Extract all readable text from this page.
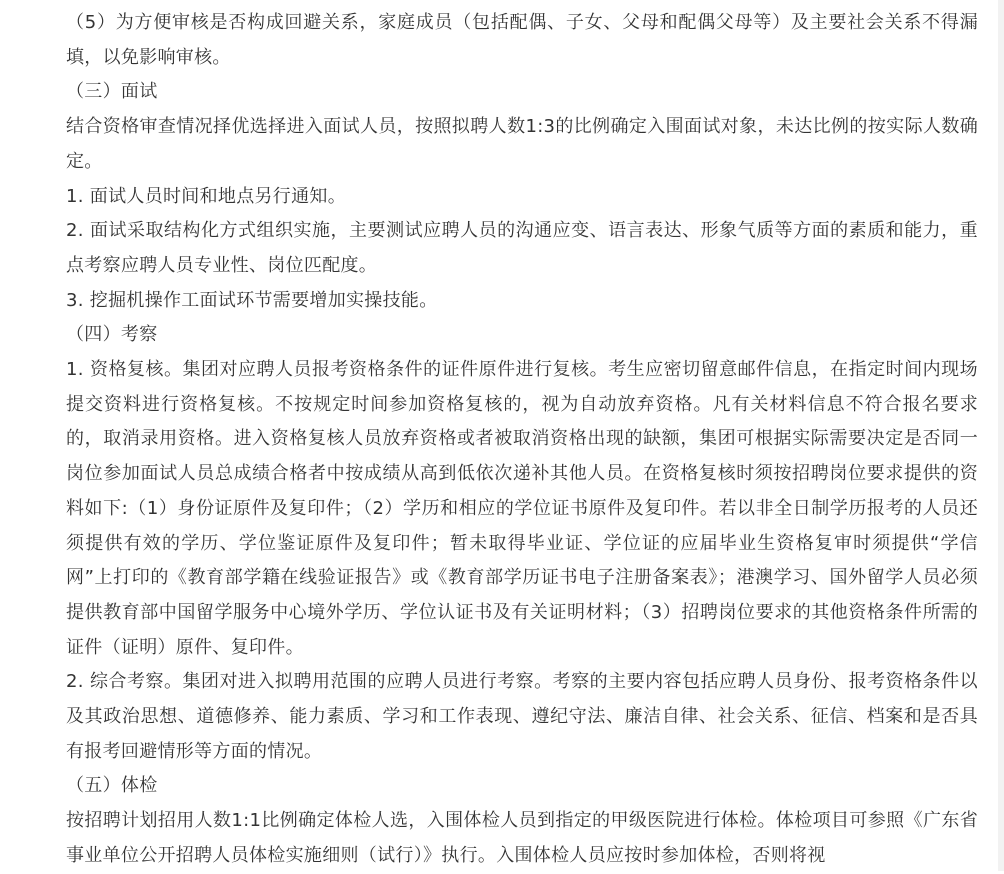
（5）为方便审核是否构成回避关系，家庭成员（包括配偶、子女、父母和配偶父母等）及主要社会关系不得漏填，以免影响审核。

（三）面试

结合资格审查情况择优选择进入面试人员，按照拟聘人数1:3的比例确定入围面试对象，未达比例的按实际人数确定。

1. 面试人员时间和地点另行通知。

2. 面试采取结构化方式组织实施，主要测试应聘人员的沟通应变、语言表达、形象气质等方面的素质和能力，重点考察应聘人员专业性、岗位匹配度。

3. 挖掘机操作工面试环节需要增加实操技能。

（四）考察

1. 资格复核。集团对应聘人员报考资格条件的证件原件进行复核。考生应密切留意邮件信息，在指定时间内现场提交资料进行资格复核。不按规定时间参加资格复核的，视为自动放弃资格。凡有关材料信息不符合报名要求的，取消录用资格。进入资格复核人员放弃资格或者被取消资格出现的缺额，集团可根据实际需要决定是否同一岗位参加面试人员总成绩合格者中按成绩从高到低依次递补其他人员。在资格复核时须按招聘岗位要求提供的资料如下:（1）身份证原件及复印件；（2）学历和相应的学位证书原件及复印件。若以非全日制学历报考的人员还须提供有效的学历、学位鉴证原件及复印件；暂未取得毕业证、学位证的应届毕业生资格复审时须提供“学信网”上打印的《教育部学籍在线验证报告》或《教育部学历证书电子注册备案表》；港澳学习、国外留学人员必须提供教育部中国留学服务中心境外学历、学位认证书及有关证明材料；（3）招聘岗位要求的其他资格条件所需的证件（证明）原件、复印件。

2. 综合考察。集团对进入拟聘用范围的应聘人员进行考察。考察的主要内容包括应聘人员身份、报考资格条件以及其政治思想、道德修养、能力素质、学习和工作表现、遵纪守法、廉洁自律、社会关系、征信、档案和是否具有报考回避情形等方面的情况。

（五）体检

按招聘计划招用人数1:1比例确定体检人选，入围体检人员到指定的甲级医院进行体检。体检项目可参照《广东省事业单位公开招聘人员体检实施细则（试行）》执行。入围体检人员应按时参加体检，否则将视
